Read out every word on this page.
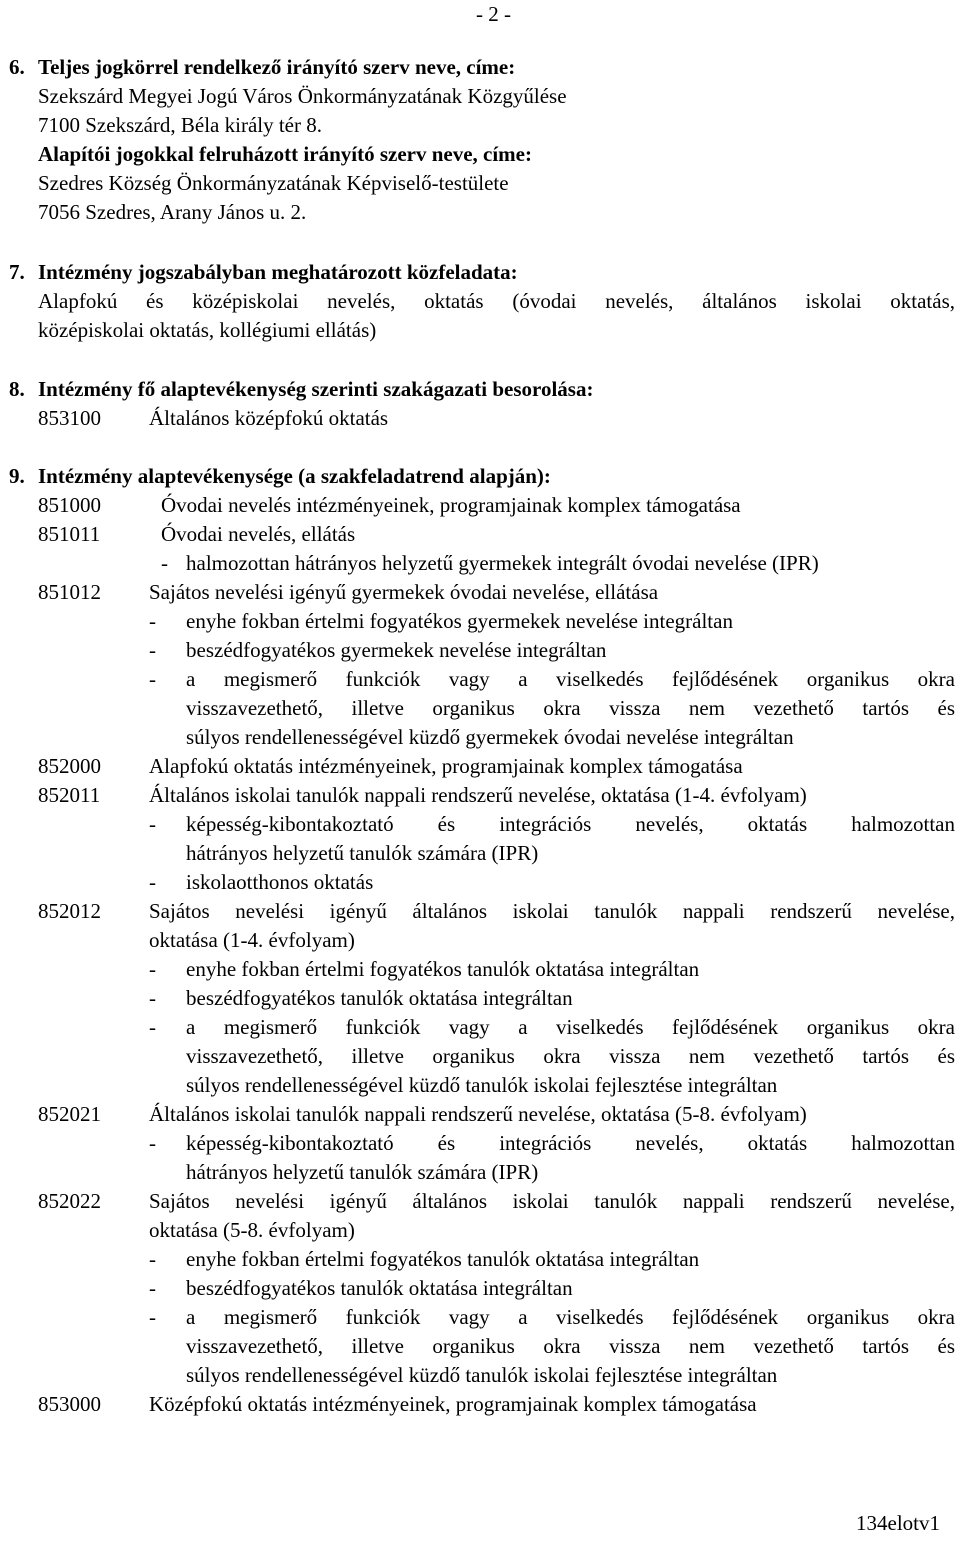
- 2 -
6. Teljes jogkörrel rendelkező irányító szerv neve, címe:
Szekszárd Megyei Jogú Város Önkormányzatának Közgyűlése
7100 Szekszárd, Béla király tér 8.
Alapítói jogokkal felruházott irányító szerv neve, címe:
Szedres Község Önkormányzatának Képviselő-testülete
7056 Szedres, Arany János u. 2.
7. Intézmény jogszabályban meghatározott közfeladata:
Alapfokú és középiskolai nevelés, oktatás (óvodai nevelés, általános iskolai oktatás,
középiskolai oktatás, kollégiumi ellátás)
8. Intézmény fő alaptevékenység szerinti szakágazati besorolása:
853100 Általános középfokú oktatás
9. Intézmény alaptevékenysége (a szakfeladatrend alapján):
851000	Óvodai nevelés intézményeinek, programjainak komplex támogatása
851011	Óvodai nevelés, ellátás
- halmozottan hátrányos helyzetű gyermekek integrált óvodai nevelése (IPR)
851012 Sajátos nevelési igényű gyermekek óvodai nevelése, ellátása
- enyhe fokban értelmi fogyatékos gyermekek nevelése integráltan
- beszédfogyatékos gyermekek nevelése integráltan
- a megismerő funkciók vagy a viselkedés fejlődésének organikus okra
visszavezethető, illetve organikus okra vissza nem vezethető tartós és
súlyos rendellenességével küzdő gyermekek óvodai nevelése integráltan
852000 Alapfokú oktatás intézményeinek, programjainak komplex támogatása
852011 Általános iskolai tanulók nappali rendszerű nevelése, oktatása (1-4. évfolyam)
- képesség-kibontakoztató és integrációs nevelés, oktatás halmozottan
hátrányos helyzetű tanulók számára (IPR)
- iskolaotthonos oktatás
852012 Sajátos nevelési igényű általános iskolai tanulók nappali rendszerű nevelése,
oktatása (1-4. évfolyam)
- enyhe fokban értelmi fogyatékos tanulók oktatása integráltan
- beszédfogyatékos tanulók oktatása integráltan
- a megismerő funkciók vagy a viselkedés fejlődésének organikus okra
visszavezethető, illetve organikus okra vissza nem vezethető tartós és
súlyos rendellenességével küzdő tanulók iskolai fejlesztése integráltan
852021 Általános iskolai tanulók nappali rendszerű nevelése, oktatása (5-8. évfolyam)
- képesség-kibontakoztató és integrációs nevelés, oktatás halmozottan
hátrányos helyzetű tanulók számára (IPR)
852022 Sajátos nevelési igényű általános iskolai tanulók nappali rendszerű nevelése,
oktatása (5-8. évfolyam)
- enyhe fokban értelmi fogyatékos tanulók oktatása integráltan
- beszédfogyatékos tanulók oktatása integráltan
- a megismerő funkciók vagy a viselkedés fejlődésének organikus okra
visszavezethető, illetve organikus okra vissza nem vezethető tartós és
súlyos rendellenességével küzdő tanulók iskolai fejlesztése integráltan
853000 Középfokú oktatás intézményeinek, programjainak komplex támogatása
134elotv1
